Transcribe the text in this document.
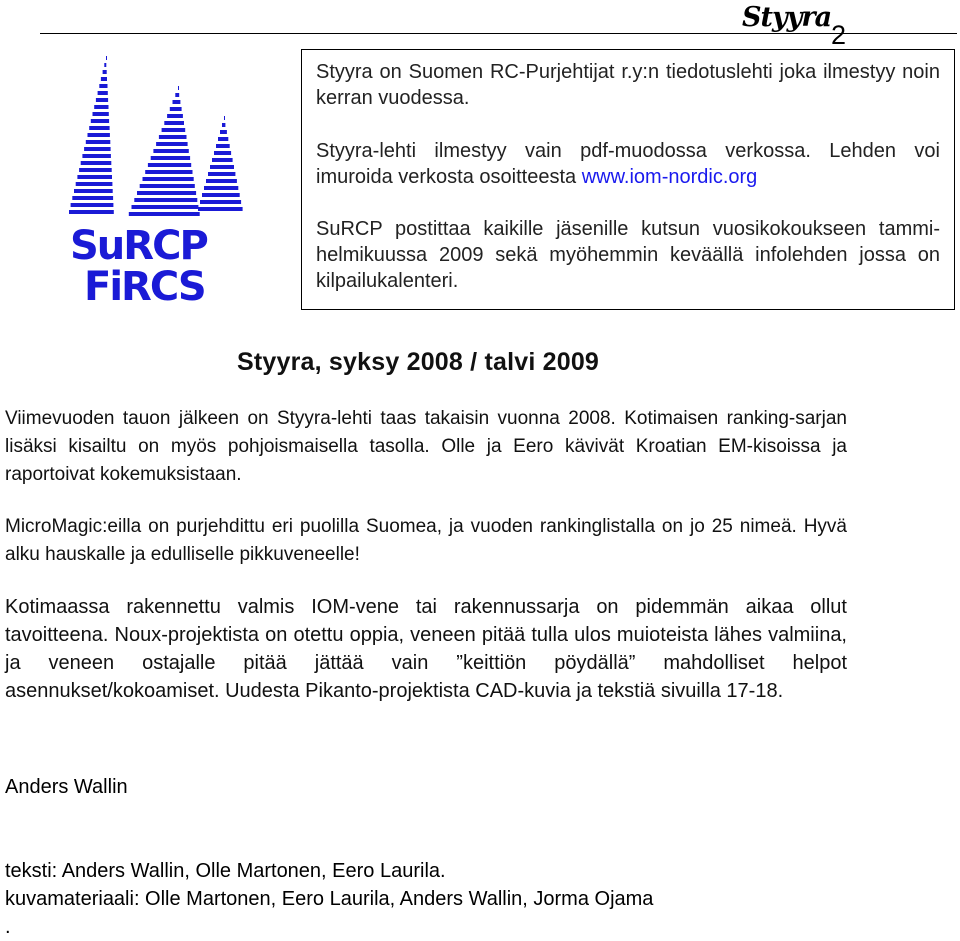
Styyra
2
SuRCP
FiRCS

Styyra on Suomen RC-Purjehtijat r.y:n tiedotuslehti joka ilmestyy noin kerran vuodessa.

Styyra-lehti ilmestyy vain pdf-muodossa verkossa. Lehden voi imuroida verkosta osoitteesta www.iom-nordic.org

SuRCP postittaa kaikille jäsenille kutsun vuosikokoukseen tammi-helmikuussa 2009 sekä myöhemmin keväällä infolehden jossa on kilpailukalenteri.

Styyra, syksy 2008 / talvi 2009

Viimevuoden tauon jälkeen on Styyra-lehti taas takaisin vuonna 2008. Kotimaisen ranking-sarjan lisäksi kisailtu on myös pohjoismaisella tasolla. Olle ja Eero kävivät Kroatian EM-kisoissa ja raportoivat kokemuksistaan.

MicroMagic:eilla on purjehdittu eri puolilla Suomea, ja vuoden rankinglistalla on jo 25 nimeä. Hyvä alku hauskalle ja edulliselle pikkuveneelle!

Kotimaassa rakennettu valmis IOM-vene tai rakennussarja on pidemmän aikaa ollut tavoitteena. Noux-projektista on otettu oppia, veneen pitää tulla ulos muioteista lähes valmiina, ja veneen ostajalle pitää jättää vain ”keittiön pöydällä” mahdolliset helpot asennukset/kokoamiset. Uudesta Pikanto-projektista CAD-kuvia ja tekstiä sivuilla 17-18.

Anders Wallin

teksti: Anders Wallin, Olle Martonen, Eero Laurila.
kuvamateriaali: Olle Martonen, Eero Laurila, Anders Wallin, Jorma Ojama
.
